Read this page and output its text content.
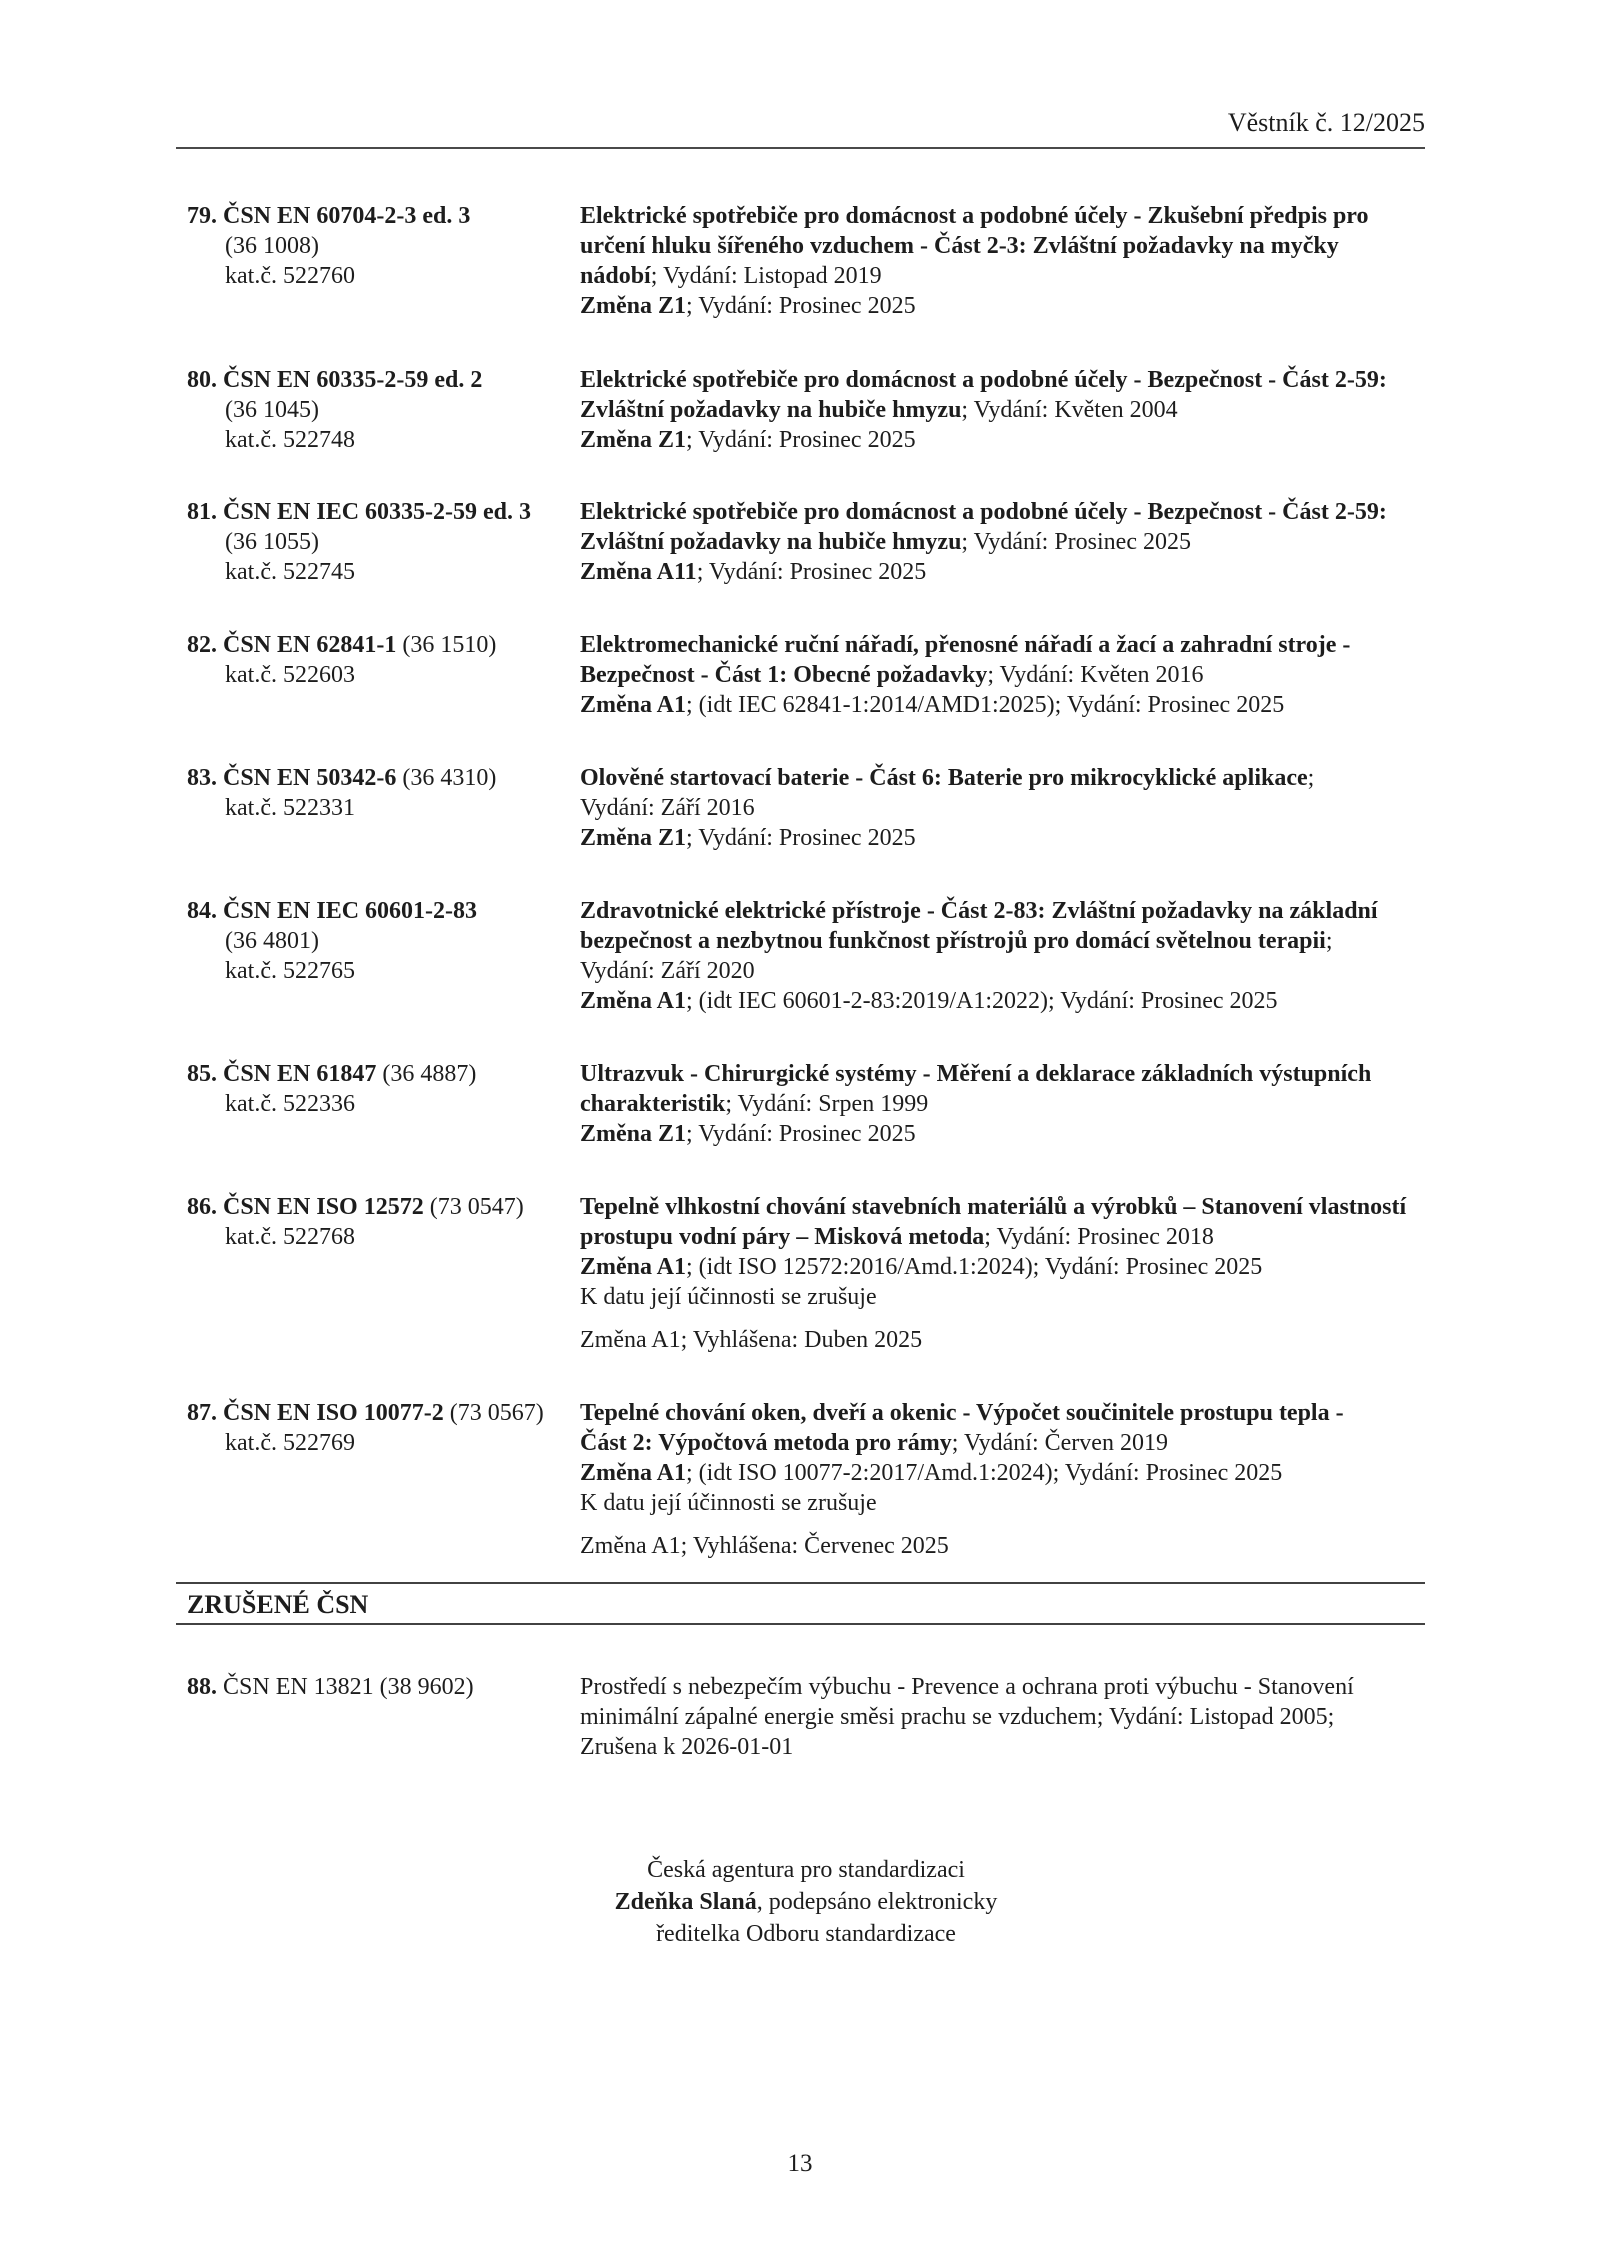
Věstník č. 12/2025
79. ČSN EN 60704-2-3 ed. 3
(36 1008)
kat.č. 522760
Elektrické spotřebiče pro domácnost a podobné účely - Zkušební předpis pro
určení hluku šířeného vzduchem - Část 2-3: Zvláštní požadavky na myčky
nádobí; Vydání: Listopad 2019
Změna Z1; Vydání: Prosinec 2025
80. ČSN EN 60335-2-59 ed. 2
(36 1045)
kat.č. 522748
Elektrické spotřebiče pro domácnost a podobné účely - Bezpečnost - Část 2-59:
Zvláštní požadavky na hubiče hmyzu; Vydání: Květen 2004
Změna Z1; Vydání: Prosinec 2025
81. ČSN EN IEC 60335-2-59 ed. 3
(36 1055)
kat.č. 522745
Elektrické spotřebiče pro domácnost a podobné účely - Bezpečnost - Část 2-59:
Zvláštní požadavky na hubiče hmyzu; Vydání: Prosinec 2025
Změna A11; Vydání: Prosinec 2025
82. ČSN EN 62841-1 (36 1510)
kat.č. 522603
Elektromechanické ruční nářadí, přenosné nářadí a žací a zahradní stroje -
Bezpečnost - Část 1: Obecné požadavky; Vydání: Květen 2016
Změna A1; (idt IEC 62841-1:2014/AMD1:2025); Vydání: Prosinec 2025
83. ČSN EN 50342-6 (36 4310)
kat.č. 522331
Olověné startovací baterie - Část 6: Baterie pro mikrocyklické aplikace;
Vydání: Září 2016
Změna Z1; Vydání: Prosinec 2025
84. ČSN EN IEC 60601-2-83
(36 4801)
kat.č. 522765
Zdravotnické elektrické přístroje - Část 2-83: Zvláštní požadavky na základní
bezpečnost a nezbytnou funkčnost přístrojů pro domácí světelnou terapii;
Vydání: Září 2020
Změna A1; (idt IEC 60601-2-83:2019/A1:2022); Vydání: Prosinec 2025
85. ČSN EN 61847 (36 4887)
kat.č. 522336
Ultrazvuk - Chirurgické systémy - Měření a deklarace základních výstupních
charakteristik; Vydání: Srpen 1999
Změna Z1; Vydání: Prosinec 2025
86. ČSN EN ISO 12572 (73 0547)
kat.č. 522768
Tepelně vlhkostní chování stavebních materiálů a výrobků – Stanovení vlastností
prostupu vodní páry – Misková metoda; Vydání: Prosinec 2018
Změna A1; (idt ISO 12572:2016/Amd.1:2024); Vydání: Prosinec 2025
K datu její účinnosti se zrušuje
Změna A1; Vyhlášena: Duben 2025
87. ČSN EN ISO 10077-2 (73 0567)
kat.č. 522769
Tepelné chování oken, dveří a okenic - Výpočet součinitele prostupu tepla -
Část 2: Výpočtová metoda pro rámy; Vydání: Červen 2019
Změna A1; (idt ISO 10077-2:2017/Amd.1:2024); Vydání: Prosinec 2025
K datu její účinnosti se zrušuje
Změna A1; Vyhlášena: Červenec 2025
ZRUŠENÉ ČSN
88. ČSN EN 13821 (38 9602)	Prostředí s nebezpečím výbuchu - Prevence a ochrana proti výbuchu - Stanovení
minimální zápalné energie směsi prachu se vzduchem; Vydání: Listopad 2005;
Zrušena k 2026-01-01
Česká agentura pro standardizaci
Zdeňka Slaná, podepsáno elektronicky
ředitelka Odboru standardizace
13
